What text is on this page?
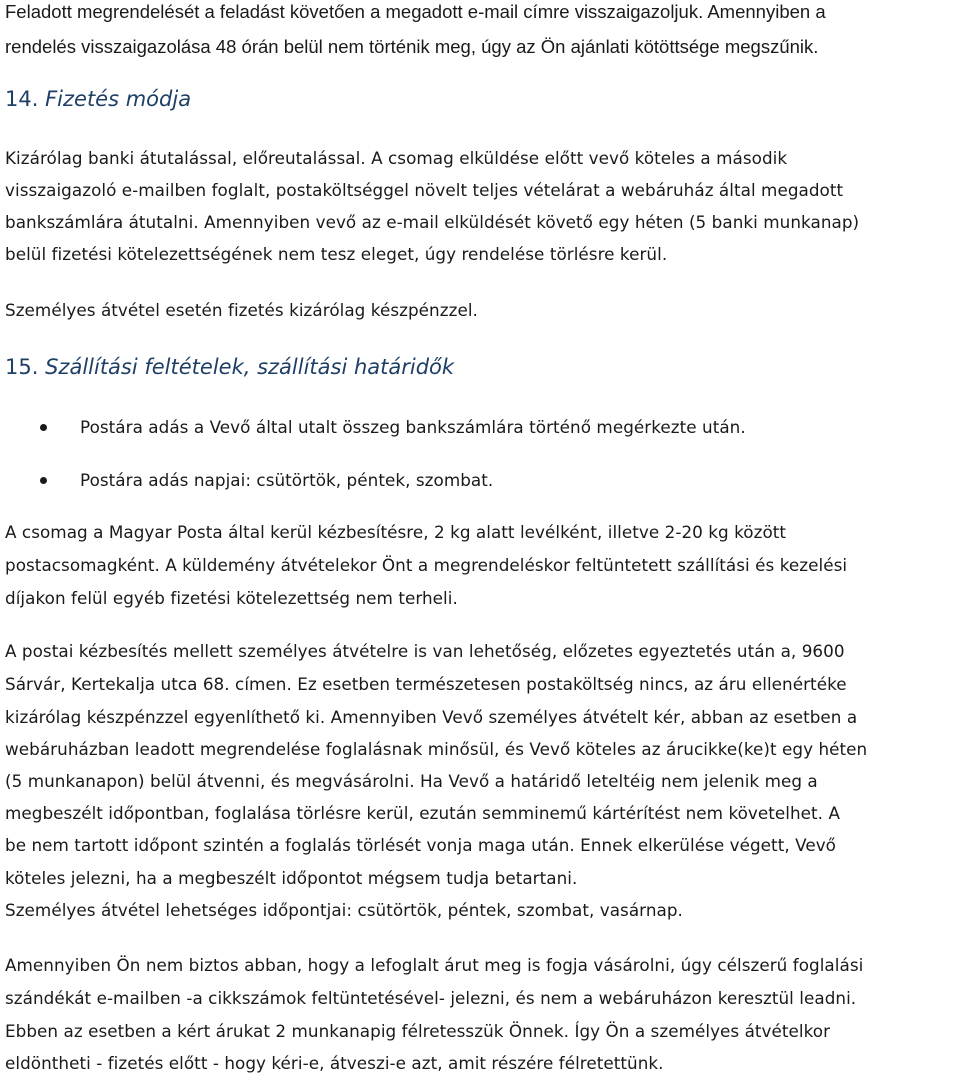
Feladott megrendelését a feladást követően a megadott e-mail címre visszaigazoljuk. Amennyiben a
rendelés visszaigazolása 48 órán belül nem történik meg, úgy az Ön ajánlati kötöttsége megszűnik.
14. Fizetés módja
Kizárólag banki átutalással, előreutalással. A csomag elküldése előtt vevő köteles a második
visszaigazoló e-mailben foglalt, postaköltséggel növelt teljes vételárat a webáruház által megadott
bankszámlára átutalni. Amennyiben vevő az e-mail elküldését követő egy héten (5 banki munkanap)
belül fizetési kötelezettségének nem tesz eleget, úgy rendelése törlésre kerül.
Személyes átvétel esetén fizetés kizárólag készpénzzel.
15. Szállítási feltételek, szállítási határidők
Postára adás a Vevő által utalt összeg bankszámlára történő megérkezte után.
Postára adás napjai: csütörtök, péntek, szombat.
A csomag a Magyar Posta által kerül kézbesítésre, 2 kg alatt levélként, illetve 2-20 kg között
postacsomagként. A küldemény átvételekor Önt a megrendeléskor feltüntetett szállítási és kezelési
díjakon felül egyéb fizetési kötelezettség nem terheli.
A postai kézbesítés mellett személyes átvételre is van lehetőség, előzetes egyeztetés után a, 9600
Sárvár, Kertekalja utca 68. címen. Ez esetben természetesen postaköltség nincs, az áru ellenértéke
kizárólag készpénzzel egyenlíthető ki. Amennyiben Vevő személyes átvételt kér, abban az esetben a
webáruházban leadott megrendelése foglalásnak minősül, és Vevő köteles az árucikke(ke)t egy héten
(5 munkanapon) belül átvenni, és megvásárolni. Ha Vevő a határidő leteltéig nem jelenik meg a
megbeszélt időpontban, foglalása törlésre kerül, ezután semminemű kártérítést nem követelhet. A
be nem tartott időpont szintén a foglalás törlését vonja maga után. Ennek elkerülése végett, Vevő
köteles jelezni, ha a megbeszélt időpontot mégsem tudja betartani.
Személyes átvétel lehetséges időpontjai: csütörtök, péntek, szombat, vasárnap.
Amennyiben Ön nem biztos abban, hogy a lefoglalt árut meg is fogja vásárolni, úgy célszerű foglalási
szándékát e-mailben -a cikkszámok feltüntetésével- jelezni, és nem a webáruházon keresztül leadni.
Ebben az esetben a kért árukat 2 munkanapig félretesszük Önnek. Így Ön a személyes átvételkor
eldöntheti - fizetés előtt - hogy kéri-e, átveszi-e azt, amit részére félretettünk.
